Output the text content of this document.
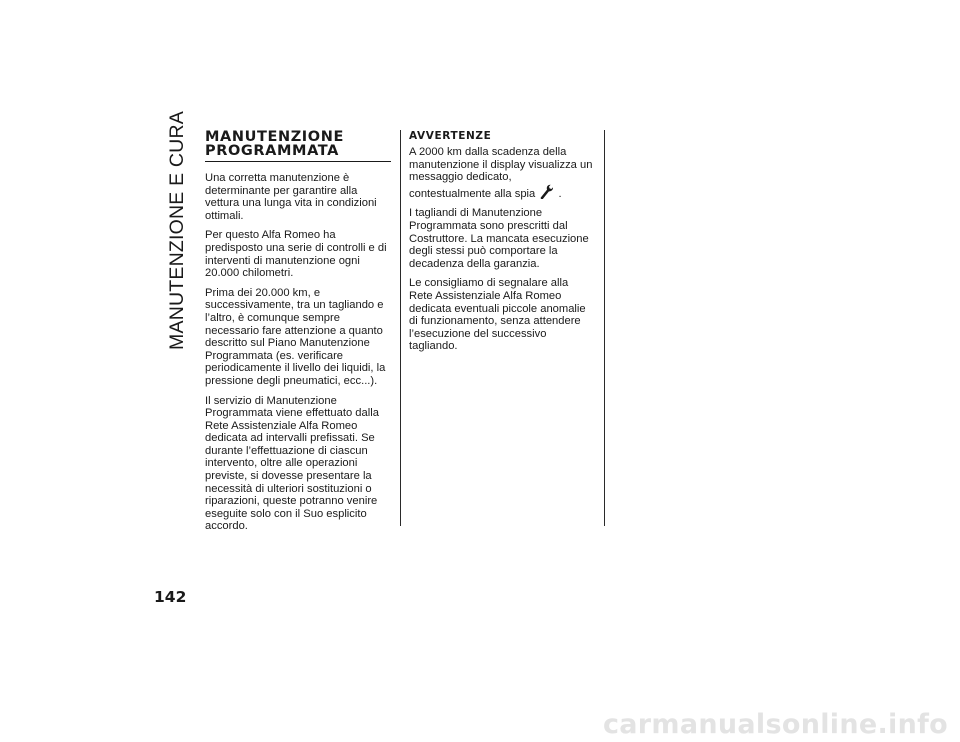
MANUTENZIONE E CURA MANUTENZIONE
PROGRAMMATA

Una corretta manutenzione è determinante per garantire alla vettura una lunga vita in condizioni ottimali.

Per questo Alfa Romeo ha predisposto una serie di controlli e di interventi di manutenzione ogni 20.000 chilometri.

Prima dei 20.000 km, e successivamente, tra un tagliando e l’altro, è comunque sempre necessario fare attenzione a quanto descritto sul Piano Manutenzione Programmata (es. verificare periodicamente il livello dei liquidi, la pressione degli pneumatici, ecc...).

Il servizio di Manutenzione Programmata viene effettuato dalla Rete Assistenziale Alfa Romeo dedicata ad intervalli prefissati. Se durante l’effettuazione di ciascun intervento, oltre alle operazioni previste, si dovesse presentare la necessità di ulteriori sostituzioni o riparazioni, queste potranno venire eseguite solo con il Suo esplicito accordo.

AVVERTENZE

A 2000 km dalla scadenza della manutenzione il display visualizza un messaggio dedicato, contestualmente alla spia .

I tagliandi di Manutenzione Programmata sono prescritti dal Costruttore. La mancata esecuzione degli stessi può comportare la decadenza della garanzia.

Le consigliamo di segnalare alla Rete Assistenziale Alfa Romeo dedicata eventuali piccole anomalie di funzionamento, senza attendere l’esecuzione del successivo tagliando.

142
carmanualsonline.info
